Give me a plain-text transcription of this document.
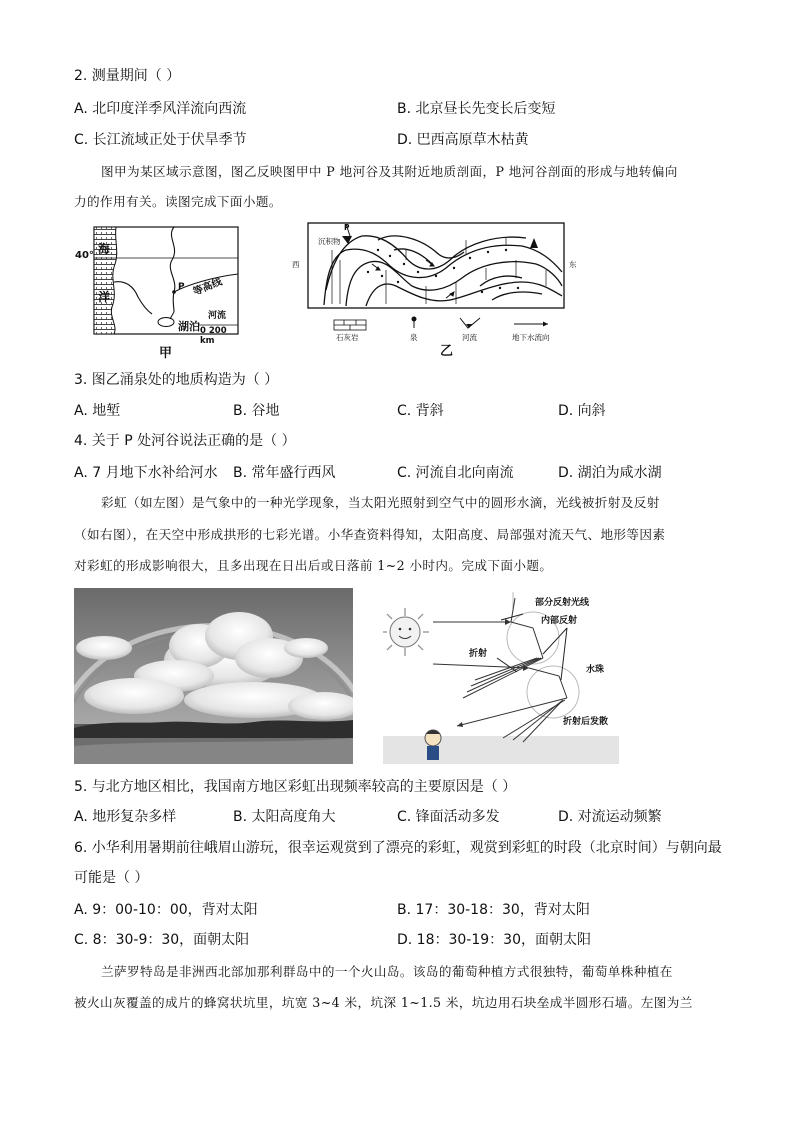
2. 测量期间（ ）
A. 北印度洋季风洋流向西流	B. 北京昼长先变长后变短
C. 长江流域正处于伏旱季节	D. 巴西高原草木枯黄
图甲为某区域示意图，图乙反映图甲中 P 地河谷及其附近地质剖面，P 地河谷剖面的形成与地转偏向
力的作用有关。读图完成下面小题。
40° 海
洋
P 等高线
湖泊
河流
0 200 km
甲
沉积物
P
西	东
石灰岩	泉	河流	地下水流向
乙
3. 图乙涌泉处的地质构造为（ ）
A. 地堑	B. 谷地	C. 背斜	D. 向斜
4. 关于 P 处河谷说法正确的是（ ）
A. 7 月地下水补给河水 B. 常年盛行西风	C. 河流自北向南流	D. 湖泊为咸水湖
彩虹（如左图）是气象中的一种光学现象，当太阳光照射到空气中的圆形水滴，光线被折射及反射
（如右图），在天空中形成拱形的七彩光谱。小华查资料得知，太阳高度、局部强对流天气、地形等因素
对彩虹的形成影响很大，且多出现在日出后或日落前 1~2 小时内。完成下面小题。
部分反射光线
内部反射
折射
水珠
折射后发散
5. 与北方地区相比，我国南方地区彩虹出现频率较高的主要原因是（ ）
A. 地形复杂多样	B. 太阳高度角大	C. 锋面活动多发	D. 对流运动频繁
6. 小华利用暑期前往峨眉山游玩，很幸运观赏到了漂亮的彩虹，观赏到彩虹的时段（北京时间）与朝向最
可能是（ ）
A. 9：00-10：00，背对太阳	B. 17：30-18：30，背对太阳
C. 8：30-9：30，面朝太阳	D. 18：30-19：30，面朝太阳
兰萨罗特岛是非洲西北部加那利群岛中的一个火山岛。该岛的葡萄种植方式很独特，葡萄单株种植在
被火山灰覆盖的成片的蜂窝状坑里，坑宽 3~4 米，坑深 1~1.5 米，坑边用石块垒成半圆形石墙。左图为兰
